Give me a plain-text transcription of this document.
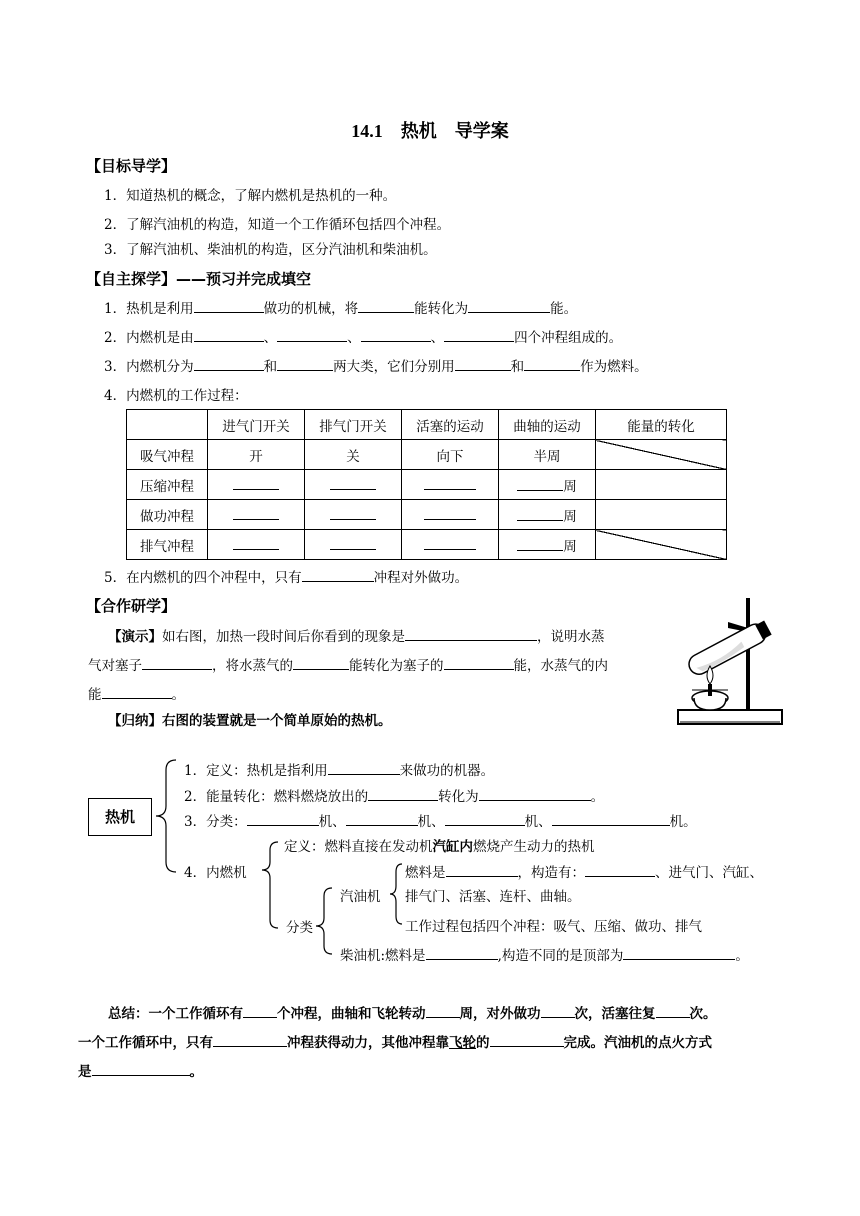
14.1　热机　导学案
【目标导学】
1．知道热机的概念，了解内燃机是热机的一种。
2．了解汽油机的构造，知道一个工作循环包括四个冲程。
3．了解汽油机、柴油机的构造，区分汽油机和柴油机。
【自主探学】——预习并完成填空
1．热机是利用	做功的机械，将	能转化为	能。
2．内燃机是由	、	、	、	四个冲程组成的。
3．内燃机分为	和	两大类，它们分别用	和	作为燃料。
4．内燃机的工作过程：
	进气门开关	排气门开关	活塞的运动	曲轴的运动	能量的转化
吸气冲程	开	关	向下	半周	
压缩冲程				周	
做功冲程				周	
排气冲程				周	
5．在内燃机的四个冲程中，只有	冲程对外做功。
【合作研学】
【演示】如右图，加热一段时间后你看到的现象是	，说明水蒸
气对塞子	，将水蒸气的	能转化为塞子的	能，水蒸气的内
能	。
【归纳】右图的装置就是一个简单原始的热机。
热机
1．定义：热机是指利用	来做功的机器。
2．能量转化：燃料燃烧放出的	转化为	。
3．分类：	机、	机、	机、	机。
4．内燃机
定义：燃料直接在发动机汽缸内燃烧产生动力的热机
分类
汽油机
燃料是	，构造有：	、进气门、汽缸、
排气门、活塞、连杆、曲轴。
工作过程包括四个冲程：吸气、压缩、做功、排气
柴油机:燃料是	,构造不同的是顶部为	。
总结：一个工作循环有	个冲程，曲轴和飞轮转动	周，对外做功	次，活塞往复	次。
一个工作循环中，只有	冲程获得动力，其他冲程靠飞轮的	完成。汽油机的点火方式
是	。
